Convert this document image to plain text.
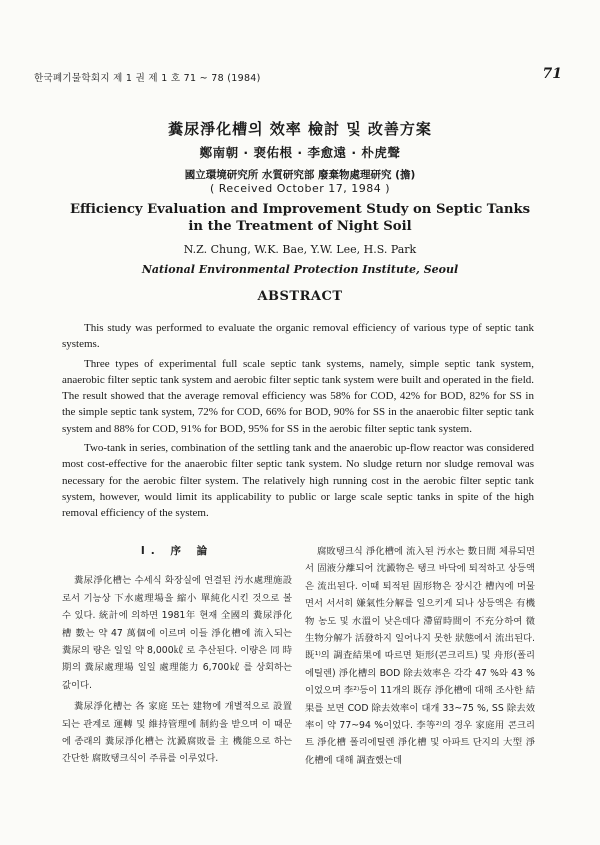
한국폐기물학회지 제 1 권 제 1 호 71 ~ 78 (1984)	71
糞尿淨化槽의 效率 檢討 및 改善方案
鄭南朝 · 裵佑根 · 李愈遠 · 朴虎聲
國立環境研究所 水質研究部 廢棄物處理研究 (擔)
( Received October 17, 1984 )
Efficiency Evaluation and Improvement Study on Septic Tanks
in the Treatment of Night Soil
N.Z. Chung, W.K. Bae, Y.W. Lee, H.S. Park
National Environmental Protection Institute, Seoul
ABSTRACT

This study was performed to evaluate the organic removal efficiency of various type of septic tank systems.

Three types of experimental full scale septic tank systems, namely, simple septic tank system, anaerobic filter septic tank system and aerobic filter septic tank system were built and operated in the field. The result showed that the average removal efficiency was 58% for COD, 42% for BOD, 82% for SS in the simple septic tank system, 72% for COD, 66% for BOD, 90% for SS in the anaerobic filter septic tank system and 88% for COD, 91% for BOD, 95% for SS in the aerobic filter septic tank system.

Two-tank in series, combination of the settling tank and the anaerobic up-flow reactor was considered most cost-effective for the anaerobic filter septic tank system. No sludge return nor sludge removal was necessary for the aerobic filter system. The relatively high running cost in the aerobic filter septic tank system, however, would limit its applicability to public or large scale septic tanks in spite of the high removal efficiency of the system.

I. 序 論

糞尿淨化槽는 수세식 화장실에 연결된 汚水處理施設로서 기능상 下水處理場을 縮小 單純化시킨 것으로 볼 수 있다. 統計에 의하면 1981年 현재 全國의 糞尿淨化槽 數는 약 47 萬個에 이르며 이들 淨化槽에 流入되는 糞尿의 량은 일일 약 8,000㎘ 로 추산된다. 이량은 同 時期의 糞尿處理場 일일 處理能力 6,700㎘ 를 상회하는 값이다.

糞尿淨化槽는 各 家庭 또는 建物에 개별적으로 設置되는 관계로 運轉 및 維持管理에 制約을 받으며 이 때문에 종래의 糞尿淨化槽는 沈澱腐敗를 主 機能으로 하는 간단한 腐敗탱크식이 주류를 이루었다.

腐敗탱크식 淨化槽에 流入된 汚水는 數日間 체류되면서 固液分離되어 沈澱物은 탱크 바닥에 퇴적하고 상등액은 流出된다. 이때 퇴적된 固形物은 장시간 槽內에 머물면서 서서히 嫌氣性分解를 일으키게 되나 상등액은 有機物 농도 및 水溫이 낮은데다 滯留時間이 不充分하여 微生物分解가 活發하지 일어나지 못한 狀態에서 流出된다. 既¹⁾의 調査結果에 따르면 矩形(콘크리트) 및 舟形(폴리에틸렌) 淨化槽의 BOD 除去效率은 각각 47 %와 43 %이었으며 李²⁾등이 11개의 既存 淨化槽에 대해 조사한 結果를 보면 COD 除去效率이 대개 33~75 %, SS 除去效率이 약 77~94 %이었다. 李等²⁾의 경우 家庭用 콘크리트 淨化槽 폴리에틸렌 淨化槽 및 아파트 단지의 大型 淨化槽에 대해 調査했는데
